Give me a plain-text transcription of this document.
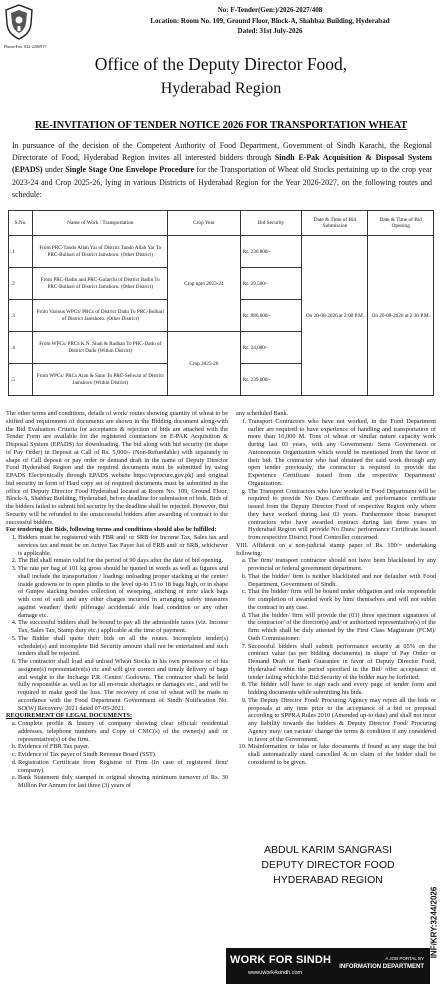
Phone/Fax: 022-2200917
No: F-Tender(Gen:)/2026-2027/408
Location: Room No. 109, Ground Floor, Block-A, Shahbaz Building, Hyderabad
Dated: 31st July-2026
Office of the Deputy Director Food,
Hyderabad Region
RE-INVITATION OF TENDER NOTICE 2026 FOR TRANSPORTATION WHEAT
In pursuance of the decision of the Competent Authority of Food Department, Government of Sindh Karachi, the Regional Directorate of Food, Hyderabad Region invites all interested bidders through Sindh E-Pak Acquisition & Disposal System (EPADS) under Single Stage One Envelope Procedure for the Transportation of Wheat old Stocks pertaining up to the crop year 2023-24 and Crop 2025-26, lying in various Districts of Hyderabad Region for the Year 2026-2027, on the following routes and schedule:
S.No.	Name of Work / Transportation	Crop Year	Bid Security	Date & Time of Bid Submission	Date & Time of Bid Opening
.1	From PRC-Tando Allah Yar of District Tando Allah Yar To PRC-Bulhari of District Jamshoro. (Other District)	Crop upto 2023-24	Rs. 236,800/-	On 20-08-2026 at 2:00 P.M.	On 20-08-2026 at 2:30 P.M.
.2	From PRC-Badin and PRC-Golarchi of District Badin To PRC-Bulhari of District Jamshoro. (Other District)		Rs. 29,500/-		
.3	From Various WPCs/ PRCs of District Dadu To PRC-Bulhari of District Jamshoro. (Other District)		Rs. 886,000/-		
.4	From WPCs/ PRCs K.N. Shah & Radhan To PRC-Dadu of District Dadu (Within District)	Crop 2025-26	Rs. 24,000/-		
.5	From WPCs/ PRCs Aran & Sann To PRC-Sehwan of District Jamshoro (Within District)		Rs. 239,000/-		

The other terms and conditions, details of work/ routes showing quantity of wheat to be shifted and requirement of documents are shown in the Bidding document along-with the Bid Evaluation Criteria for acceptance & rejection of bids are attached with the Tender Form are available for the registered contractors on E-PAK Acquisition & Disposal System (EPADS) for downloading. The bid along with bid security (in shape of Pay Order) in Deposit at Call of Rs. 5,000/- (Non-Refundable) with separately in shape of Call deposit or pay order or demand draft in the name of Deputy Director Food Hyderabad Region and the required documents must be submitted by using EPADS Electronically through EPADS website https://eprocure.gov.pk) and original bid security in form of Hard copy set of required documents must be submitted in the office of Deputy Director Food Hyderabad located at Room No. 109, Ground Floor, Block-A, Shahbaz Building, Hyderabad, before deadline for submission of bids. Bids of the bidders failed to submit bid security by the deadline shall be rejected. However, Bid Security will be refunded to the unsuccessful bidders after awarding of contract to the successful bidders.

For tendering the Bids, following terms and conditions should also be fulfilled:

1. Bidders must be registered with FBR and/ or SRB for Income Tax, Sales tax and services tax and must be on Active Tax Payer list of FRB and/ or SRB, whichever is applicable.
2. The Bid shall remain valid for the period of 90 days after the date of bid opening.
3. The rate per bag of 101 kg gross should be quoted in words as well as figures and shall include the transportation / loading/ unloading proper stacking at the center/ inside godowns or in open plinths to the level up-to 15 to 18 bags high, or in shape of Gunjee stacking besides collection of sweeping, stitching of torn/ slack bags with cost of sutli and any other charges incurred in arranging safety measures against weather/ theft/ pilferage/ accidental/ axle load condition or any other damage etc.
4. The successful bidders shall be bound to pay all the admissible taxes (viz. Income Tax, Sales Tax, Stamp duty etc.) applicable at the time of payment.
5. The Bidder shall quote their bids on all the routes. Incomplete tender(s) schedule(s) and incomplete Bid Security amount shall not be entertained and such tenders shall be rejected.
6. The contractor shall load and unload Wheat Stocks in his own presence or of his assignee(s) representative(s) etc and will give correct and timely delivery of bags and weight to the Incharge P.R. Centre/ Godowns. The contractor shall be held fully responsible as well as for all en-route shortages or damages etc., and will be required to make good the loss. The recovery of cost of wheat will be made in accordance with the Food Department Government of Sindh Notification No. SO(W) Recovery/ 2021 dated 07-05-2021.

REQUIREMENT OF LEGAL DOCUMENTS:

a. Complete profile & history of company showing clear official/ residential addresses, telephone numbers and Copy of CNIC(s) of the owner(s) and/ or representative(s) of the firm.
b. Evidence of FBR Tax payer.
c. Evidence of Tax payer of Sindh Revenue Board (SST).
d. Registration Certificate from Registrar of Firm (In case of registered firm/ company).
e. Bank Statement duly stamped in original showing minimum turnover of Rs. 30 Million Per Annum for last three (3) years of

any scheduled Bank.

f. Transport Contractors who have not worked, in the Food Department earlier are required to have experience of handling and transportation of more than 10,000 M. Tons of wheat or similar nature capacity work during last 03 years, with any Government/ Semi Government or Autonomous Organization which would be mentioned from the favor of their bid. The contractor who had obtained the said work through any open tender previously, the contractor is required to provide the Experience Certificate issued from the respective Department/ Organization.
g. The Transport Contractors who have worked in Food Department will be required to provide No Dues Certificate and performance certificate issued from the Deputy Director Food of respective Region only where they have worked during last 03 years. Furthermore those transport contractors who have awarded contract during last three years in Hyderabad Region will provide No Dues/ performance Certificate issued from respective District Food Controller concerned.

VIII. Affidavit on a non-judicial stamp paper of Rs. 100/= undertaking following:

a. The firm/ transport contractor should not have been blacklisted by any provincial or federal government department.
b. That the bidder/ firm is neither blacklisted and nor defaulter with Food Department, Government of Sindh.
c. That the bidder/ firm will be bound under obligation and sole responsible for completion of awarded work by him/ themselves and will not sublet the contract in any case.
d. That the bidder/ firm will provide the (03) three specimen signatures of the contractor/ of the director(s) and/ or authorized representative(s) of the firm which shall be duly attested by the First Class Magistrate (FCM)/ Oath Commissioner.
7. Successful bidders shall submit performance security at 05% on the contract value (as per bidding documents) in shape of Pay Order or Demand Draft or Bank Guarantee in favor of Deputy Director Food, Hyderabad within the period specified in the Bid/ offer acceptance of tender failing which the Bid Security of the bidder may be forfeited.
8. The bidder will have to sign each and every page of tender form and bidding documents while submitting his bids.
9. The Deputy Director Food/ Procuring Agency may reject all the bids or proposals at any time prior to the acceptance of a bid or proposal according to SPPRA Rules 2010 (Amended up-to date) and shall not incur any liability towards the bidders & Deputy Director Food/ Procuring Agency may/ can variate/ change the terms & condition if any considered in favor of the Government.
10. Misinformation or false or fake documents if found at any stage the bid shall automatically stand cancelled & no claim of the bidder shall be considered to be given.
ABDUL KARIM SANGRASI
DEPUTY DIRECTOR FOOD
HYDERABAD REGION
INF/KRY:3244/2026
WORK FOR SINDH
www.iwork4sindh.com
A JOB PORTAL BY
INFORMATION DEPARTMENT
